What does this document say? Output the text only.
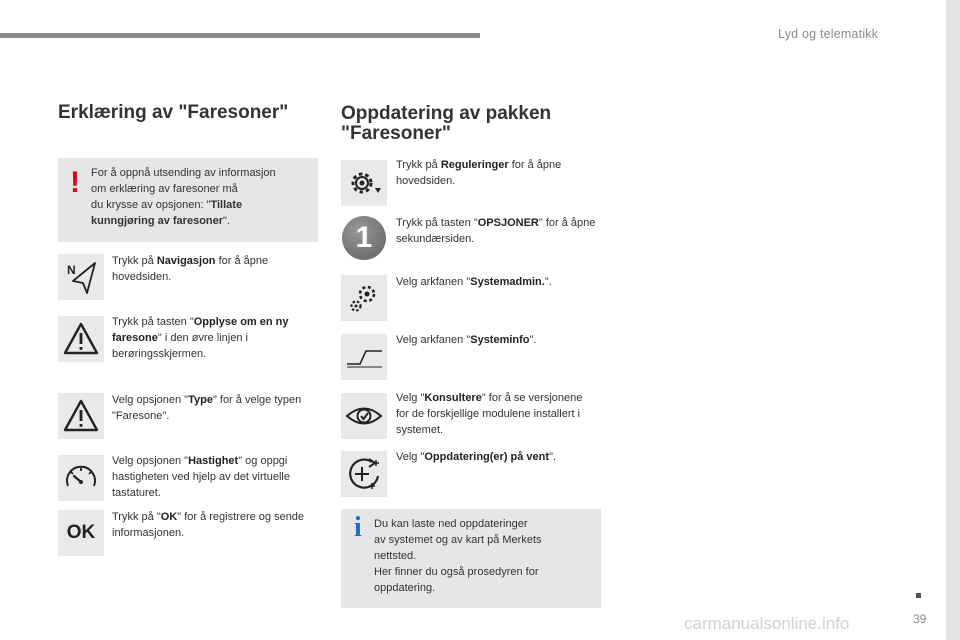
Lyd og telematikk
Erklæring av "Faresoner"
! For å oppnå utsending av informasjon
om erklæring av faresoner må
du krysse av opsjonen: "Tillate
kunngjøring av faresoner".
N
Trykk på Navigasjon for å åpne hovedsiden.
Trykk på tasten "Opplyse om en ny faresone" i den øvre linjen i berøringsskjermen.
Velg opsjonen "Type" for å velge typen "Faresone".
Velg opsjonen "Hastighet" og oppgi hastigheten ved hjelp av det virtuelle tastaturet.
OK
Trykk på "OK" for å registrere og sende informasjonen.
Oppdatering av pakken
"Faresoner"
Trykk på Reguleringer for å åpne hovedsiden.
1	Trykk på tasten "OPSJONER" for å åpne sekundærsiden.
Velg arkfanen "Systemadmin.".
Velg arkfanen "Systeminfo".
Velg "Konsultere" for å se versjonene for de forskjellige modulene installert i systemet.
Velg "Oppdatering(er) på vent".
i Du kan laste ned oppdateringer
av systemet og av kart på Merkets
nettsted.
Her finner du også prosedyren for
oppdatering.
39
carmanualsonline.info
